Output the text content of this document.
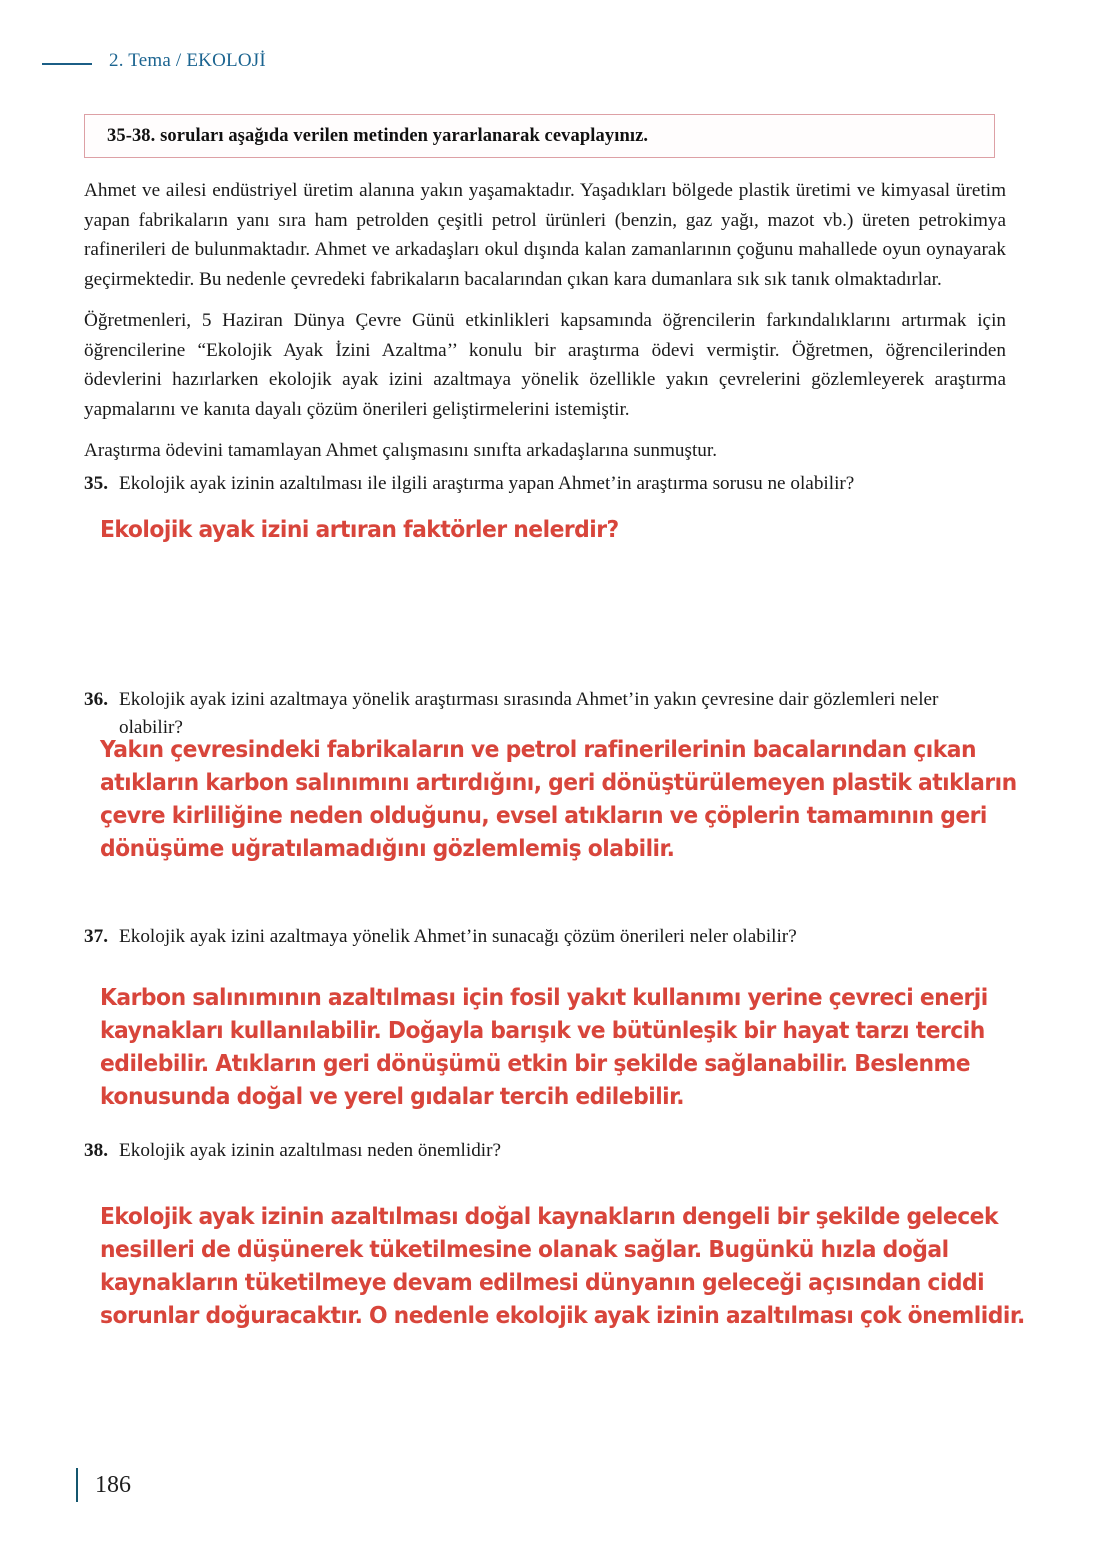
2. Tema / EKOLOJİ
35-38. soruları aşağıda verilen metinden yararlanarak cevaplayınız.

Ahmet ve ailesi endüstriyel üretim alanına yakın yaşamaktadır. Yaşadıkları bölgede plastik üretimi ve kimyasal üretim yapan fabrikaların yanı sıra ham petrolden çeşitli petrol ürünleri (benzin, gaz yağı, mazot vb.) üreten petrokimya rafinerileri de bulunmaktadır. Ahmet ve arkadaşları okul dışında kalan zamanlarının çoğunu mahallede oyun oynayarak geçirmektedir. Bu nedenle çevredeki fabrikaların bacalarından çıkan kara dumanlara sık sık tanık olmaktadırlar.

Öğretmenleri, 5 Haziran Dünya Çevre Günü etkinlikleri kapsamında öğrencilerin farkındalıklarını artırmak için öğrencilerine “Ekolojik Ayak İzini Azaltma’’ konulu bir araştırma ödevi vermiştir. Öğretmen, öğrencilerinden ödevlerini hazırlarken ekolojik ayak izini azaltmaya yönelik özellikle yakın çevrelerini gözlemleyerek araştırma yapmalarını ve kanıta dayalı çözüm önerileri geliştirmelerini istemiştir.

Araştırma ödevini tamamlayan Ahmet çalışmasını sınıfta arkadaşlarına sunmuştur.

35. Ekolojik ayak izinin azaltılması ile ilgili araştırma yapan Ahmet’in araştırma sorusu ne olabilir?
Ekolojik ayak izini artıran faktörler nelerdir?
36. Ekolojik ayak izini azaltmaya yönelik araştırması sırasında Ahmet’in yakın çevresine dair gözlemleri neler olabilir?
Yakın çevresindeki fabrikaların ve petrol rafinerilerinin bacalarından çıkan atıkların karbon salınımını artırdığını, geri dönüştürülemeyen plastik atıkların çevre kirliliğine neden olduğunu, evsel atıkların ve çöplerin tamamının geri dönüşüme uğratılamadığını gözlemlemiş olabilir.
37. Ekolojik ayak izini azaltmaya yönelik Ahmet’in sunacağı çözüm önerileri neler olabilir?
Karbon salınımının azaltılması için fosil yakıt kullanımı yerine çevreci enerji kaynakları kullanılabilir. Doğayla barışık ve bütünleşik bir hayat tarzı tercih edilebilir. Atıkların geri dönüşümü etkin bir şekilde sağlanabilir. Beslenme konusunda doğal ve yerel gıdalar tercih edilebilir.
38. Ekolojik ayak izinin azaltılması neden önemlidir?
Ekolojik ayak izinin azaltılması doğal kaynakların dengeli bir şekilde gelecek nesilleri de düşünerek tüketilmesine olanak sağlar. Bugünkü hızla doğal kaynakların tüketilmeye devam edilmesi dünyanın geleceği açısından ciddi sorunlar doğuracaktır. O nedenle ekolojik ayak izinin azaltılması çok önemlidir.
186
